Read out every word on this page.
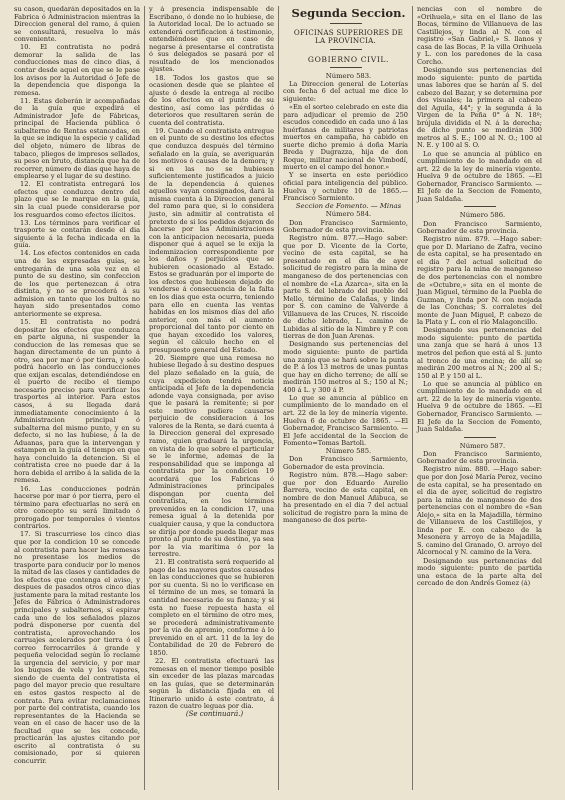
su cason, quedarán depositados en la Fabrica ó Administracion mientras la Direccion general del ramo, á quien se consultará, resuelva lo más conveniente.

10. El contratista no podrá demorar la salida de las conducciones mas de cinco dias, á contar desde aquel en que se le pase los avisos por la Autoridad ó Jefe de la dependencia que disponga la remesa.

11. Estas deberán ir acompañadas de la guía que expedirá el Administrador Jefe de Fábricas, principal de Hacienda pública ó subalterno de Rentas estancadas, en la que se indique la especie y calidad del objeto, número de libras de tabaco, pliegos de impresos sellados, su peso en bruto, distancia que ha de recorrer, número de dias que haya de emplearse y el lugar de su destino.

12. El contratista entregará los efectos que conduzca dentro del plazo que se le marque en la guía, sin la cual puede considerarse por los resguardos como efectos ilícitos.

13. Los términos para verificar el trasporte se contarán desde el dia siguiente á la fecha indicada en la guía.

14. Los efectos contenidos en cada una de las expresadas guías, se entregarán de una sola vez en el punto de su destino, sin confeccion de los que pertenezcan á otra distinta, y no se procederá á su admision en tanto que los bultos no hayan sido presentados como anteriormente se expresa.

15. El contratista no podrá depositar los efectos que conduzca en parte alguna, ni suspender la conduccion de las remesas que se hagan directamente de un punto á otro, sea por mar ó por tierra, y solo podrá hacerlo en las conducciones que exijan escalas, detendiéndose en el puerto de recibo el tiempo necesario preciso para verificar los trasportes al interior. Para estos casos, á su llegada dará inmediatamente conocimiento á la Administracion principal ó subalterna del mismo punto, y en su defecto, si no las hubiese, á la de Aduanas, para que la intervengan y estampen en la guía el tiempo en que haya concluido la detencion. Si el contratista cree no puede dar á la hora debida el arribo á la salida de la remesa.

16. Las conducciones podrán hacerse por mar ó por tierra, pero el término para efectuarlas no será en otro concepto su será limitado ó prorogado por temporales ó vientos contrarios.

17. Si trascurriese los cinco dias que por la condicion 10 se concede al contratista para hacer las remesas no presentase los medios de trasporte para conducir por lo menos la mitad de las clases y cantidades de los efectos que contenga el aviso, y despues de pasados otros cinco dias justamente para la mitad restante los Jefes de Fábrica ó Administradores principales y subalternos, sí espirar cada uno de los señalados plazos podrá disponerse por cuenta del contratista, aprovechando los carruajes acelerados por tierra ó el correo ferrocarriles á grande y pequeña velocidad según lo reclame la urgencia del servicio, y por mar los buques de vela y los vapores, siendo de cuenta del contratista el pago del mayor precio que resultare en estos gastos respecto al de contrata. Para evitar reclamaciones por parte del contratista, cuando los representantes de la Hacienda se vean en el caso de hacer uso de la facultad que se les concede, practicarán las ajustes citando por escrito al contratista ó su comisionado, por si quieren concurrir.

y á presencia indispensable de Escribano, ó donde no lo hubiese, de la Autoridad local. De lo actuado se extenderá certificacion á testimonio, entendiéndose que en caso de negarse á presentarse el contratista ó sus delegados se pasará por el resultado de los mencionados ajustes.

18. Todos los gastos que se ocasionen desde que se plantee el ajuste ó desde la entrega al recibo de los efectos en el punto de su destino, así como las pérdidas ó deterioros que resultaren serán de cuenta del contratista.

19. Cuando el contratista entregue en el punto de su destino los efectos que conduzca después del término señalado en la guía, se averiguarán los motivos ó causas de la demora; y si en las no se hubiesen suficientemente justificados a juicio de la dependencia á quienes aquellos vayan consignados, dará la misma cuenta á la Direccion general del ramo para que, si lo considera justo, sin admitir al contratista el pretexto de si los pedidos dejaron de hacerse por las Administraciones con la anticipacion necesaria, pueda disponer que á aquel se le exija la indemnizacion correspondiente por los daños y perjuicios que se hubieren ocasionado al Estado. Estos se graduarán por el importe de los efectos que hubiesen dejado de venderse á consecuencia de la falta en los dias que esta ocurra, teniendo para ello en cuenta las ventas habidas en los mismos días del año anterior, con más el aumento proporcional del tanto por ciento en que hayan excedido los valores, según el cálculo hecho en el presupuesto general del Estado.

20. Siempre que una remesa no hubiese llegado á su destino despues del plazo señalado en la guía, de cuya expedicion tendrá noticia anticipada el Jefe de la dependencia adonde vaya consignada, por aviso que le pasará la remitente; si por este motivo pudiere causarse perjuicio de consideracion á los valores de la Renta, se dará cuenta á la Direccion general del expresado ramo, quien graduará la urgencia, en vista de lo que sobre el particular se le informe, ademas de la responsabilidad que se imponga al contratista por la condicion 19 acordará que los Fabricas ó Administraciones principales dispongan por cuenta del contratista, en los términos prevenidos en la condicion 17, una remesa igual á la detenida por cualquier causa, y que la conductora se dirija por donde pueda llegar mas pronto al punto de su destino, ya sea por la via marítima ó por la terrestre.

21. El contratista será requerido al pago de las mayores gastos causados en las conducciones que se hubieren por su cuenta. Si no lo verificase en el término de un mes, se tomará la cantidad necesaria de su fianza; y si esta no fuese repuesta hasta el completo en el término de otro mes, se procederá administrativamente por la via de apremio, conforme á lo prevenido en el art. 11 de la ley de Contabilidad de 20 de Febrero de 1850.

22. El contratista efectuará las remesas en el menor tiempo posible sin exceder de las plazas marcadas en las guías, que se determinarán según la distancia fijada en el Itinerario unido á este contrato, á razon de cuatro leguas por dia.

(Se continuará.)

Segunda Seccion.

OFICINAS SUPERIORES DE LA PROVINCIA.

GOBIERNO CIVIL.

Número 583.

La Direccion general de Loterías con fecha 6 del actual me dice lo siguiente:

«En el sorteo celebrado en este dia para adjudicar el premio de 250 escudos concedido en cada uno á las huérfanas de militares y patriotas muertos en campaña, ha cabido en suerte dicho premio á doña María Breda y Dugrazza, hija de don Roque, militar nacional de Vimbodí, muerto en el campo del honor.»

Y se inserta en este periódico oficial para inteligencia del público. Huelva y octubre 10 de 1865.— Francisco Sarmiento.

Seccion de Fomento. — Minas

Número 584.

Don Francisco Sarmiento, Gobernador de esta provincia.

Registro núm. 877.—Hago saber: que por D. Vicente de la Corte, vecino de esta capital, se ha presentado en el dia de ayer solicitud de registro para la mina de manganeso de dos pertenencias con el nombre de «La Azarca», sita en la parte S. del lebrado del pueblo del Mello, término de Calañas, y linda por S. con camino de Valverde á Villanueva de las Cruces, N. riscoide de dicho lebrado, L. camino de Lubidas al sitio de la Nimbre y P. con tierras de don Juan Arenas.

Designando sus pertenencias del modo siguiente: punto de partida una zanja que se hará sobre la punta de P. á los 13 metros de unas puntas que hay en dicho terreno; de allí se medirán 150 metros al S.; 150 al N.; 400 á L. y 300 á P.

Lo que se anuncia al público en cumplimiento de lo mandado en el art. 22 de la ley de minería vigente. Huelva 6 de octubre de 1865. —El Gobernador, Francisco Sarmiento. —El Jefe accidental de la Seccion de Fomento=Tomas Bartoli.

Número 585.

Don Francisco Sarmiento, Gobernador de esta provincia.

Registro núm. 878.—Hago saber: que por don Eduardo Aurelio Barrera, vecino de esta capital, en nombre de don Manuel Añibuca, se ha presentado en el dia 7 del actual solicitud de registro para la mina de manganeso de dos perte-

nencias con el nombre de «Orihuela,» sita en el llano de las Bocas, término de Villanueva de las Castillejos, y linda al N. con el registro «San Gabriel,» S. llanos y casa de las Bocas, P. la villa Orihuela y L. con los paredones de la casa Corcho.

Designando sus pertenencias del modo siguiente: punto de partida unas labores que se harán al S. del cabezo del Bazar, y se determina por dos visuales; la primera al cabezo del Aguila, 44°; y la segunda á la Virgen de la Peña 0° á N. 18º; brújula dividida el N. á la derecha; de dicho punto se medirán 300 metros al S. E.; 100 al N. O.; 100 al N. E. y 100 al S. O.

Lo que se anuncia al público en cumplimiento de lo mandado en el art. 22 de la ley de minería vigente. Huelva 9 de octubre de 1865. —El Gobernador, Francisco Sarmiento. —El Jefe de la Seccion de Fomento, Juan Saldaña.

Número 586.

Don Francisco Sarmiento, Gobernador de esta provincia.

Registro núm. 879. —Hago saber: que por D. Mariano de Zafra, vecino de esta capital, se ha presentado en el dia 7 del actual solicitud de registro para la mina de manganeso de dos pertenencias con el nombre de «Octubre,» sita en el monte de Juan Miguel, término de la Puebla de Guzman, y linda por N. con mojada de las Conchas; S. corraletes del monte de Juan Miguel, P. cabezo de la Plata y L. con el río Malagoncillo.

Designando sus pertenencias del modo siguiente: punto de partida una zanja que se hará á unos 13 metros del peñon que está al S. junto al tronco de una encina; de allí se medirán 200 metros al N.; 200 al S.; 150 al P. y 150 al L.

Lo que se anuncia al público en cumplimiento de lo mandado en el art. 22 de la ley de minería vigente. Huelva 9 de octubre de 1865. —El Gobernador, Francisco Sarmiento. —El Jefe de la Seccion de Fomento, Juan Saldaña.

Número 587.

Don Francisco Sarmiento, Gobernador de esta provincia.

Registro núm. 880. —Hago saber: que por don José María Perez, vecino de esta capital, se ha presentado en el dia de ayer, solicitud de registro para la mina de manganeso de dos pertenencias con el nombre de «San Alejo,» sita en la Majadilla, término de Villanueva de los Castillejos, y linda por E. con cabezo de la Mesonera y arroyo de la Majadilla, S. camino del Granado, O. arroyo del Alcornocal y N. camino de la Vera.

Designando sus pertenencias del modo siguiente: punto de partida una estaca de la parte alta del cercado de don Andrés Gomez (á)
